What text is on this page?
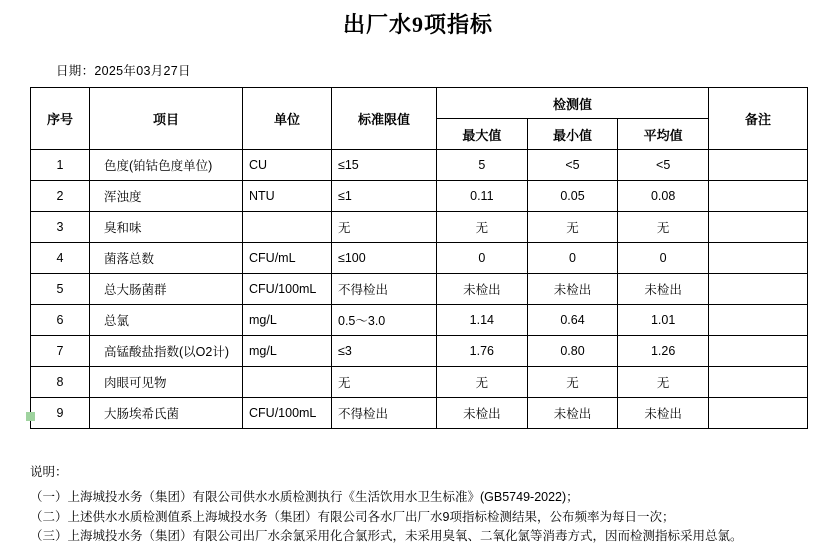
出厂水9项指标
日期：2025年03月27日
序号	项目	单位	标准限值	检测值			备注
				最大值	最小值	平均值	
1	色度(铂钴色度单位)	CU	≤15	5	<5	<5	
2	浑浊度	NTU	≤1	0.11	0.05	0.08	
3	臭和味		无	无	无	无	
4	菌落总数	CFU/mL	≤100	0	0	0	
5	总大肠菌群	CFU/100mL	不得检出	未检出	未检出	未检出	
6	总氯	mg/L	0.5～3.0	1.14	0.64	1.01	
7	高锰酸盐指数(以O2计)	mg/L	≤3	1.76	0.80	1.26	
8	肉眼可见物		无	无	无	无	
9	大肠埃希氏菌	CFU/100mL	不得检出	未检出	未检出	未检出	
说明：
（一）上海城投水务（集团）有限公司供水水质检测执行《生活饮用水卫生标准》(GB5749-2022)；
（二）上述供水水质检测值系上海城投水务（集团）有限公司各水厂出厂水9项指标检测结果，公布频率为每日一次；
（三）上海城投水务（集团）有限公司出厂水余氯采用化合氯形式，未采用臭氧、二氧化氯等消毒方式，因而检测指标采用总氯。
